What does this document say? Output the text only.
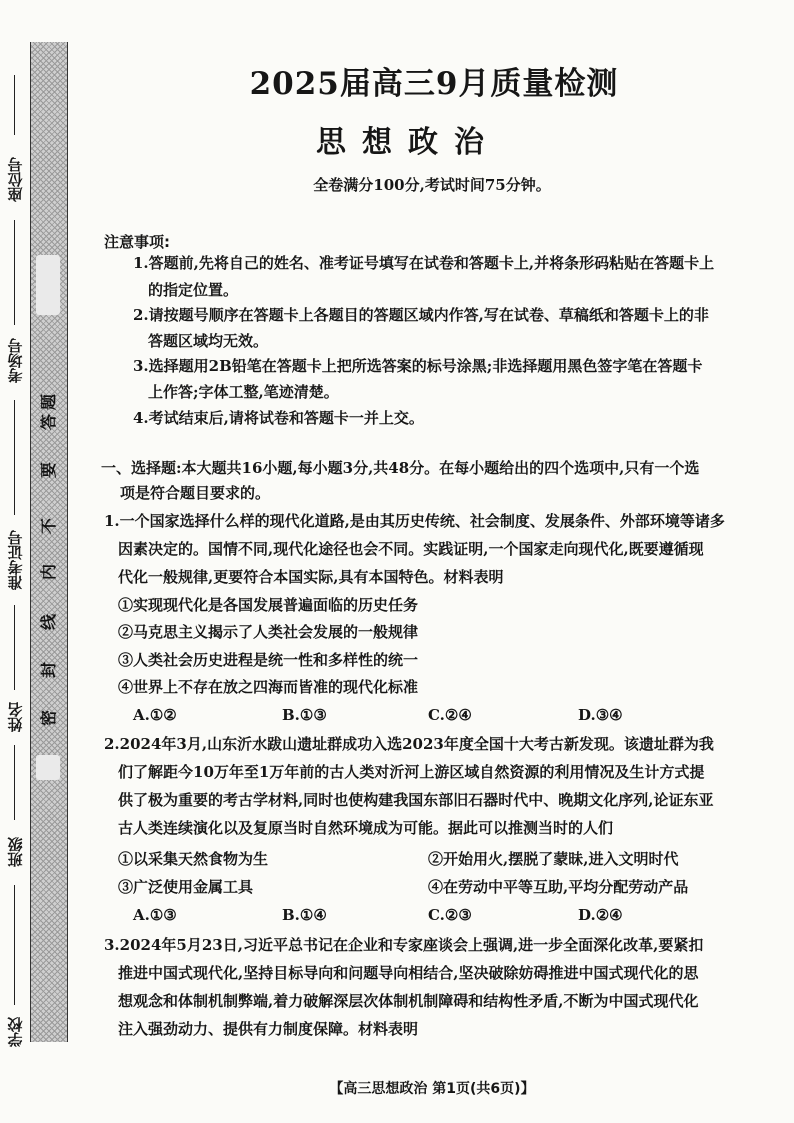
题
答
要
不
内
线
封
密
座位号
考场号
准考证号
姓名
班级
学校
2025届高三9月质量检测
思想政治
全卷满分100分,考试时间75分钟。
注意事项:
1.答题前,先将自己的姓名、准考证号填写在试卷和答题卡上,并将条形码粘贴在答题卡上
的指定位置。
2.请按题号顺序在答题卡上各题目的答题区域内作答,写在试卷、草稿纸和答题卡上的非
答题区域均无效。
3.选择题用2B铅笔在答题卡上把所选答案的标号涂黑;非选择题用黑色签字笔在答题卡
上作答;字体工整,笔迹清楚。
4.考试结束后,请将试卷和答题卡一并上交。
一、选择题:本大题共16小题,每小题3分,共48分。在每小题给出的四个选项中,只有一个选
项是符合题目要求的。
1.一个国家选择什么样的现代化道路,是由其历史传统、社会制度、发展条件、外部环境等诸多
因素决定的。国情不同,现代化途径也会不同。实践证明,一个国家走向现代化,既要遵循现
代化一般规律,更要符合本国实际,具有本国特色。材料表明
①实现现代化是各国发展普遍面临的历史任务
②马克思主义揭示了人类社会发展的一般规律
③人类社会历史进程是统一性和多样性的统一
④世界上不存在放之四海而皆准的现代化标准
A.①②	B.①③	C.②④	D.③④
2.2024年3月,山东沂水跋山遗址群成功入选2023年度全国十大考古新发现。该遗址群为我
们了解距今10万年至1万年前的古人类对沂河上游区域自然资源的利用情况及生计方式提
供了极为重要的考古学材料,同时也使构建我国东部旧石器时代中、晚期文化序列,论证东亚
古人类连续演化以及复原当时自然环境成为可能。据此可以推测当时的人们
①以采集天然食物为生	②开始用火,摆脱了蒙昧,进入文明时代
③广泛使用金属工具	④在劳动中平等互助,平均分配劳动产品
A.①③	B.①④	C.②③	D.②④
3.2024年5月23日,习近平总书记在企业和专家座谈会上强调,进一步全面深化改革,要紧扣
推进中国式现代化,坚持目标导向和问题导向相结合,坚决破除妨碍推进中国式现代化的思
想观念和体制机制弊端,着力破解深层次体制机制障碍和结构性矛盾,不断为中国式现代化
注入强劲动力、提供有力制度保障。材料表明
【高三思想政治 第1页(共6页)】
